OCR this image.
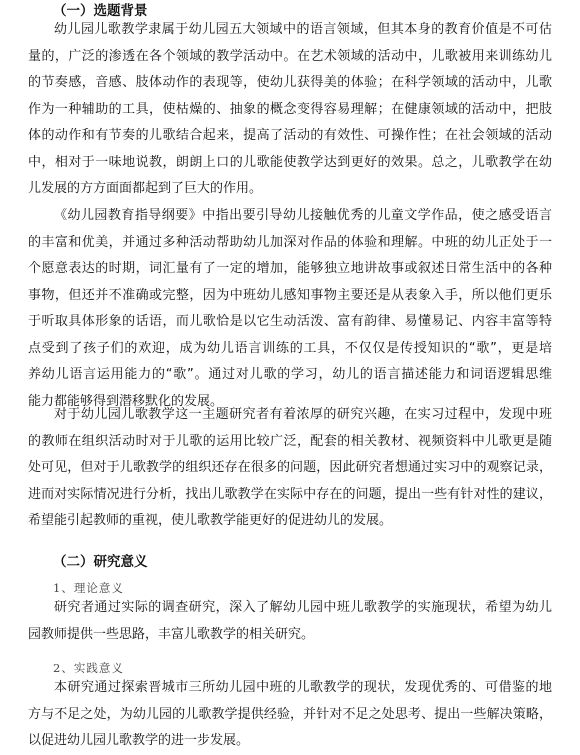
（一）选题背景
幼儿园儿歌教学隶属于幼儿园五大领域中的语言领域，但其本身的教育价值是不可估
量的，广泛的渗透在各个领域的教学活动中。在艺术领域的活动中，儿歌被用来训练幼儿
的节奏感，音感、肢体动作的表现等，使幼儿获得美的体验；在科学领域的活动中，儿歌
作为一种辅助的工具，使枯燥的、抽象的概念变得容易理解；在健康领域的活动中，把肢
体的动作和有节奏的儿歌结合起来，提高了活动的有效性、可操作性；在社会领域的活动
中，相对于一味地说教，朗朗上口的儿歌能使教学达到更好的效果。总之，儿歌教学在幼
儿发展的方方面面都起到了巨大的作用。
《幼儿园教育指导纲要》中指出要引导幼儿接触优秀的儿童文学作品，使之感受语言
的丰富和优美，并通过多种活动帮助幼儿加深对作品的体验和理解。中班的幼儿正处于一
个愿意表达的时期，词汇量有了一定的增加，能够独立地讲故事或叙述日常生活中的各种
事物，但还并不准确或完整，因为中班幼儿感知事物主要还是从表象入手，所以他们更乐
于听取具体形象的话语，而儿歌恰是以它生动活泼、富有韵律、易懂易记、内容丰富等特
点受到了孩子们的欢迎，成为幼儿语言训练的工具，不仅仅是传授知识的“歌”，更是培
养幼儿语言运用能力的“歌”。通过对儿歌的学习，幼儿的语言描述能力和词语逻辑思维
能力都能够得到潜移默化的发展。
对于幼儿园儿歌教学这一主题研究者有着浓厚的研究兴趣，在实习过程中，发现中班
的教师在组织活动时对于儿歌的运用比较广泛，配套的相关教材、视频资料中儿歌更是随
处可见，但对于儿歌教学的组织还存在很多的问题，因此研究者想通过实习中的观察记录，
进而对实际情况进行分析，找出儿歌教学在实际中存在的问题，提出一些有针对性的建议，
希望能引起教师的重视，使儿歌教学能更好的促进幼儿的发展。
（二）研究意义
1、理论意义
研究者通过实际的调查研究，深入了解幼儿园中班儿歌教学的实施现状，希望为幼儿
园教师提供一些思路，丰富儿歌教学的相关研究。
2、实践意义
本研究通过探索晋城市三所幼儿园中班的儿歌教学的现状，发现优秀的、可借鉴的地
方与不足之处，为幼儿园的儿歌教学提供经验，并针对不足之处思考、提出一些解决策略，
以促进幼儿园儿歌教学的进一步发展。
